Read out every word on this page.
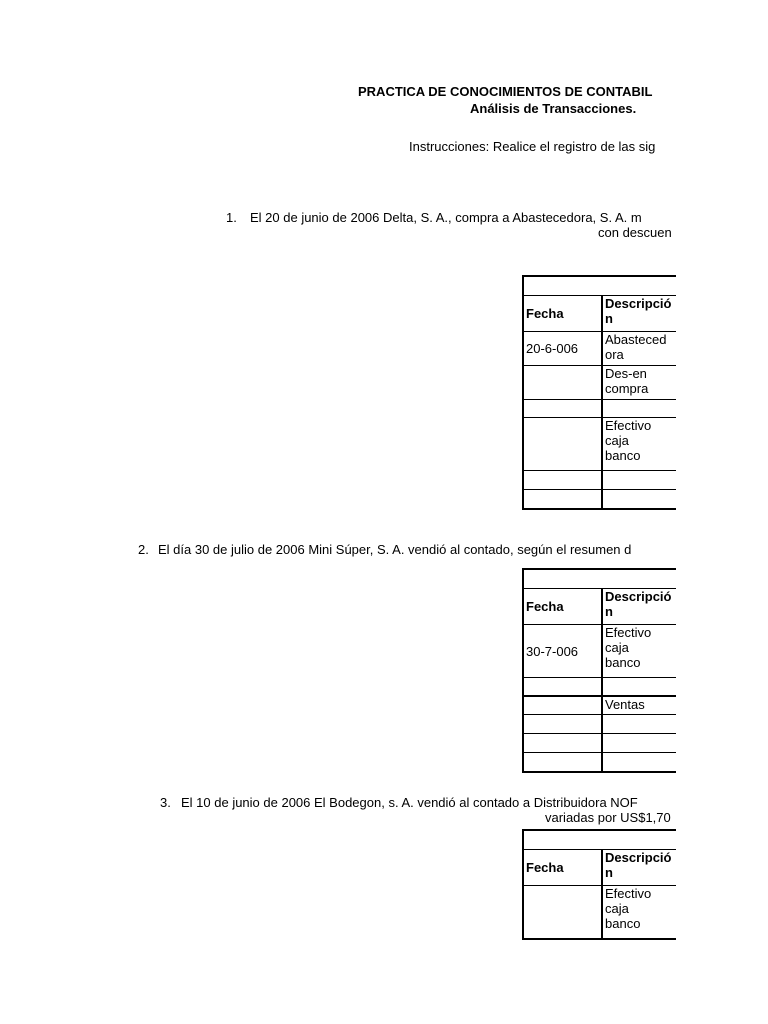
PRACTICA DE CONOCIMIENTOS DE CONTABIL
Análisis de Transacciones.
Instrucciones: Realice el registro de las sig
1. El 20 de junio de 2006 Delta, S. A., compra a Abastecedora, S. A. m
con descuen

Fecha	Descripció
n	

20-6-006	Abasteced
ora	

	Des-en
compra	

	Efectivo
caja
banco

2. El día 30 de julio de 2006 Mini Súper, S. A. vendió al contado, según el resumen d

Fecha	Descripció
n	

30-7-006	Efectivo
caja
banco

	Ventas	

3. El 10 de junio de 2006 El Bodegon, s. A. vendió al contado a Distribuidora NOF
variadas por US$1,70

Fecha	Descripció
n	

	Efectivo
caja
banco
